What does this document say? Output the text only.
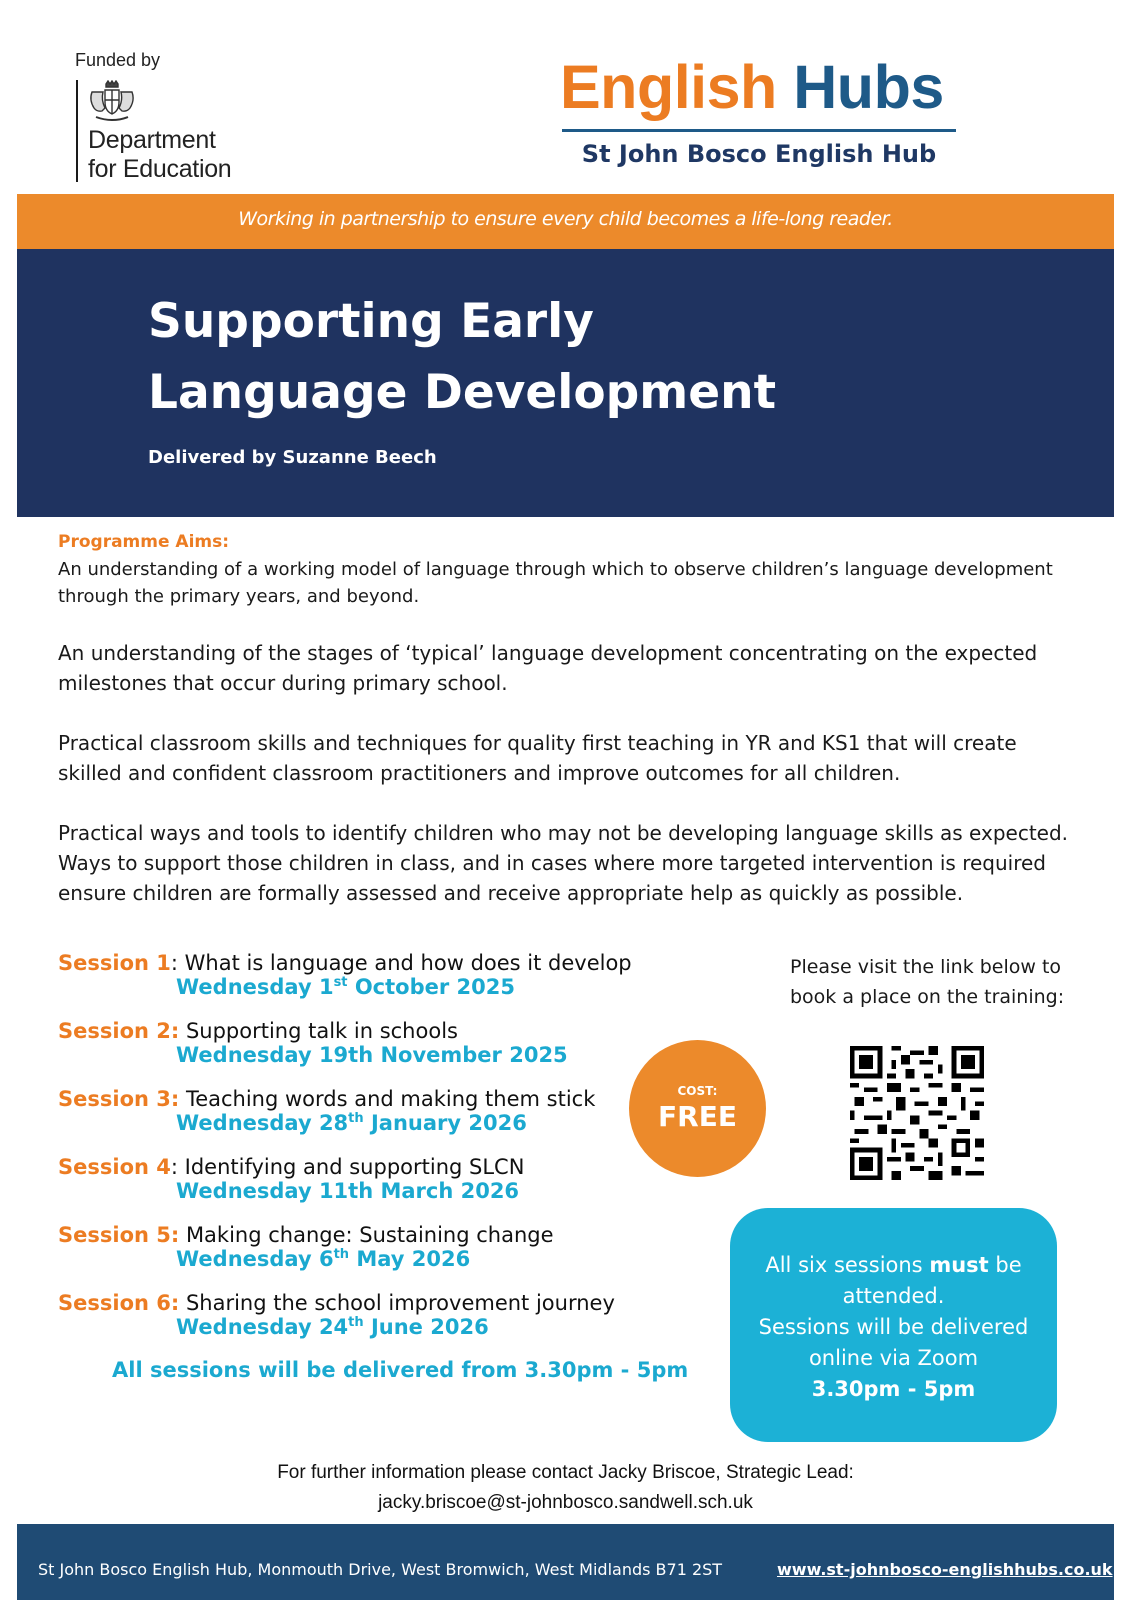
Funded by
Department
for Education
English Hubs
St John Bosco English Hub
Working in partnership to ensure every child becomes a life-long reader.
Supporting Early
Language Development
Delivered by Suzanne Beech
Programme Aims:
An understanding of a working model of language through which to observe children’s language development through the primary years, and beyond.
An understanding of the stages of ‘typical’ language development concentrating on the expected milestones that occur during primary school.
Practical classroom skills and techniques for quality first teaching in YR and KS1 that will create skilled and confident classroom practitioners and improve outcomes for all children.
Practical ways and tools to identify children who may not be developing language skills as expected. Ways to support those children in class, and in cases where more targeted intervention is required ensure children are formally assessed and receive appropriate help as quickly as possible.
Session 1: What is language and how does it develop
Wednesday 1st October 2025
Session 2: Supporting talk in schools
Wednesday 19th November 2025
Session 3: Teaching words and making them stick
Wednesday 28th January 2026
Session 4: Identifying and supporting SLCN
Wednesday 11th March 2026
Session 5: Making change: Sustaining change
Wednesday 6th May 2026
Session 6: Sharing the school improvement journey
Wednesday 24th June 2026
All sessions will be delivered from 3.30pm - 5pm
COST:
FREE
Please visit the link below to
book a place on the training:
All six sessions must be
attended.
Sessions will be delivered
online via Zoom
3.30pm - 5pm
For further information please contact Jacky Briscoe, Strategic Lead:
jacky.briscoe@st-johnbosco.sandwell.sch.uk
St John Bosco English Hub, Monmouth Drive, West Bromwich, West Midlands B71 2ST	www.st-johnbosco-englishhubs.co.uk
